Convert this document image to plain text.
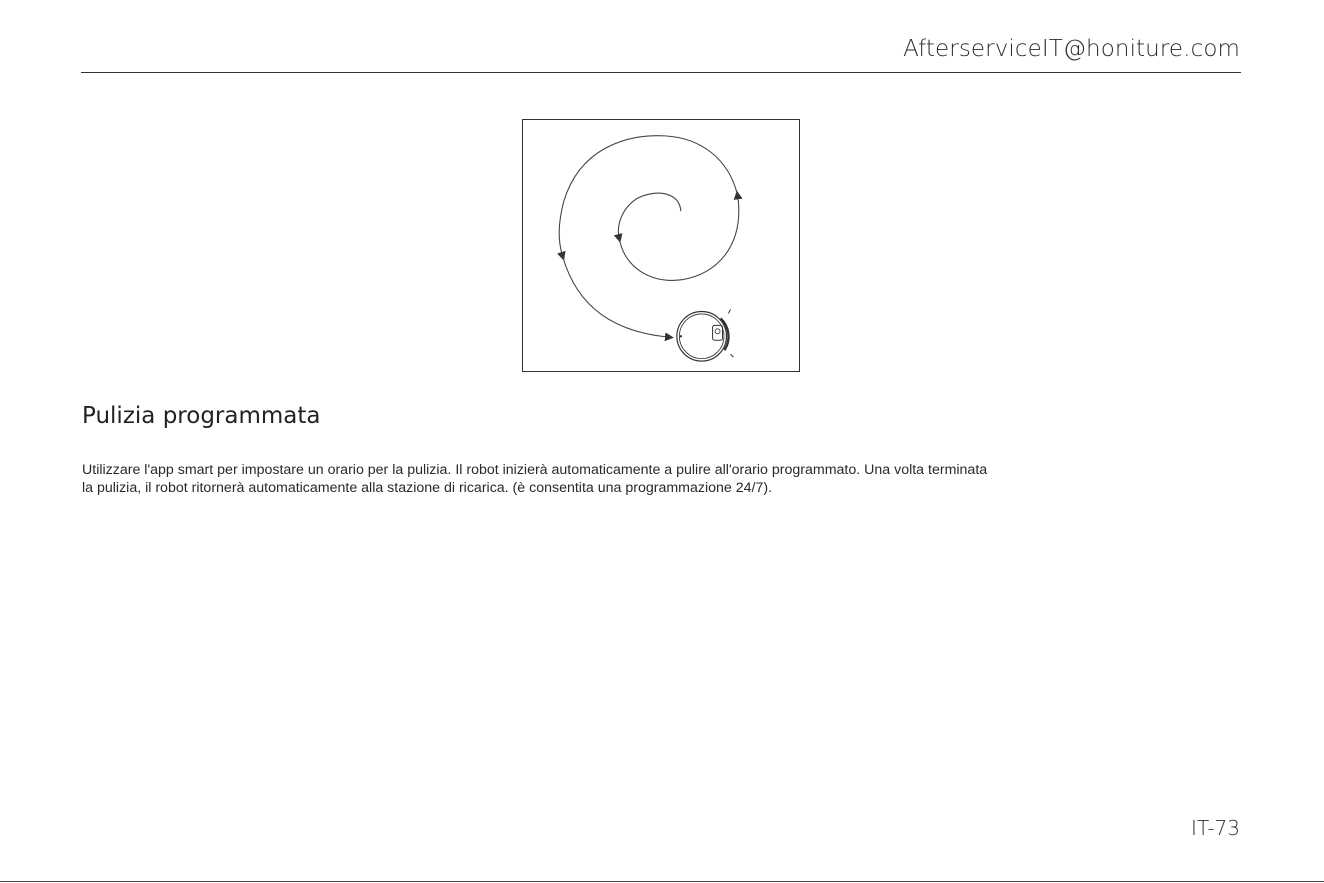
AfterserviceIT@honiture.com
Pulizia programmata

Utilizzare l'app smart per impostare un orario per la pulizia. Il robot inizierà automaticamente a pulire all'orario programmato. Una volta terminata

la pulizia, il robot ritornerà automaticamente alla stazione di ricarica. (è consentita una programmazione 24/7).

IT-73
